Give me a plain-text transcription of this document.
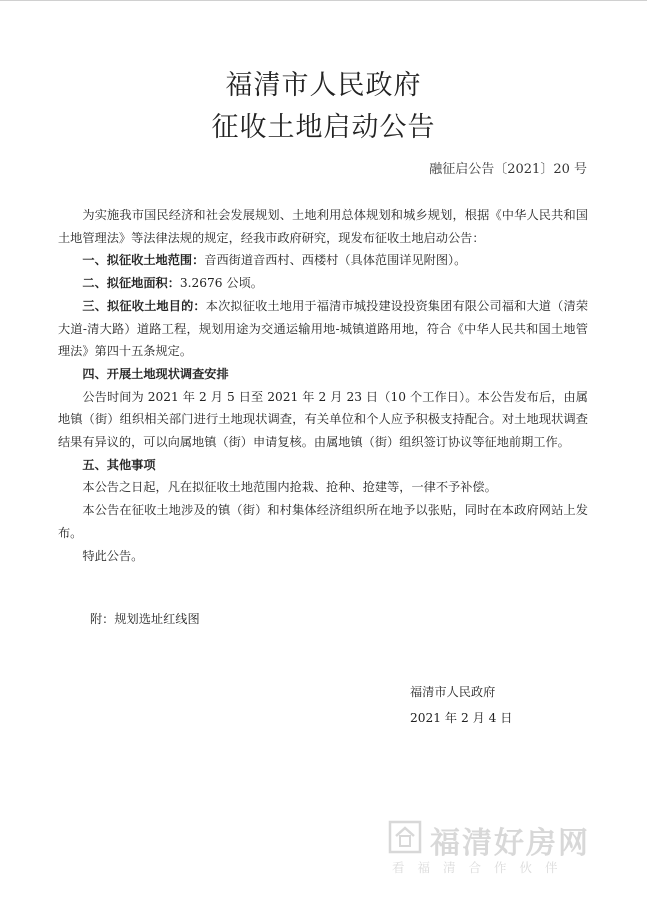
福清市人民政府
征收土地启动公告
融征启公告〔2021〕20 号

为实施我市国民经济和社会发展规划、土地利用总体规划和城乡规划，根据《中华人民共和国土地管理法》等法律法规的规定，经我市政府研究，现发布征收土地启动公告：

一、拟征收土地范围：音西街道音西村、西楼村（具体范围详见附图）。

二、拟征地面积：3.2676 公顷。

三、拟征收土地目的：本次拟征收土地用于福清市城投建设投资集团有限公司福和大道（清荣大道-清大路）道路工程，规划用途为交通运输用地-城镇道路用地，符合《中华人民共和国土地管理法》第四十五条规定。

四、开展土地现状调查安排

公告时间为 2021 年 2 月 5 日至 2021 年 2 月 23 日（10 个工作日）。本公告发布后，由属地镇（街）组织相关部门进行土地现状调查，有关单位和个人应予积极支持配合。对土地现状调查结果有异议的，可以向属地镇（街）申请复核。由属地镇（街）组织签订协议等征地前期工作。

五、其他事项

本公告之日起，凡在拟征收土地范围内抢栽、抢种、抢建等，一律不予补偿。

本公告在征收土地涉及的镇（街）和村集体经济组织所在地予以张贴，同时在本政府网站上发布。

特此公告。

附：规划选址红线图
福清市人民政府
2021 年 2 月 4 日
福清好房网
看福清合作伙伴
